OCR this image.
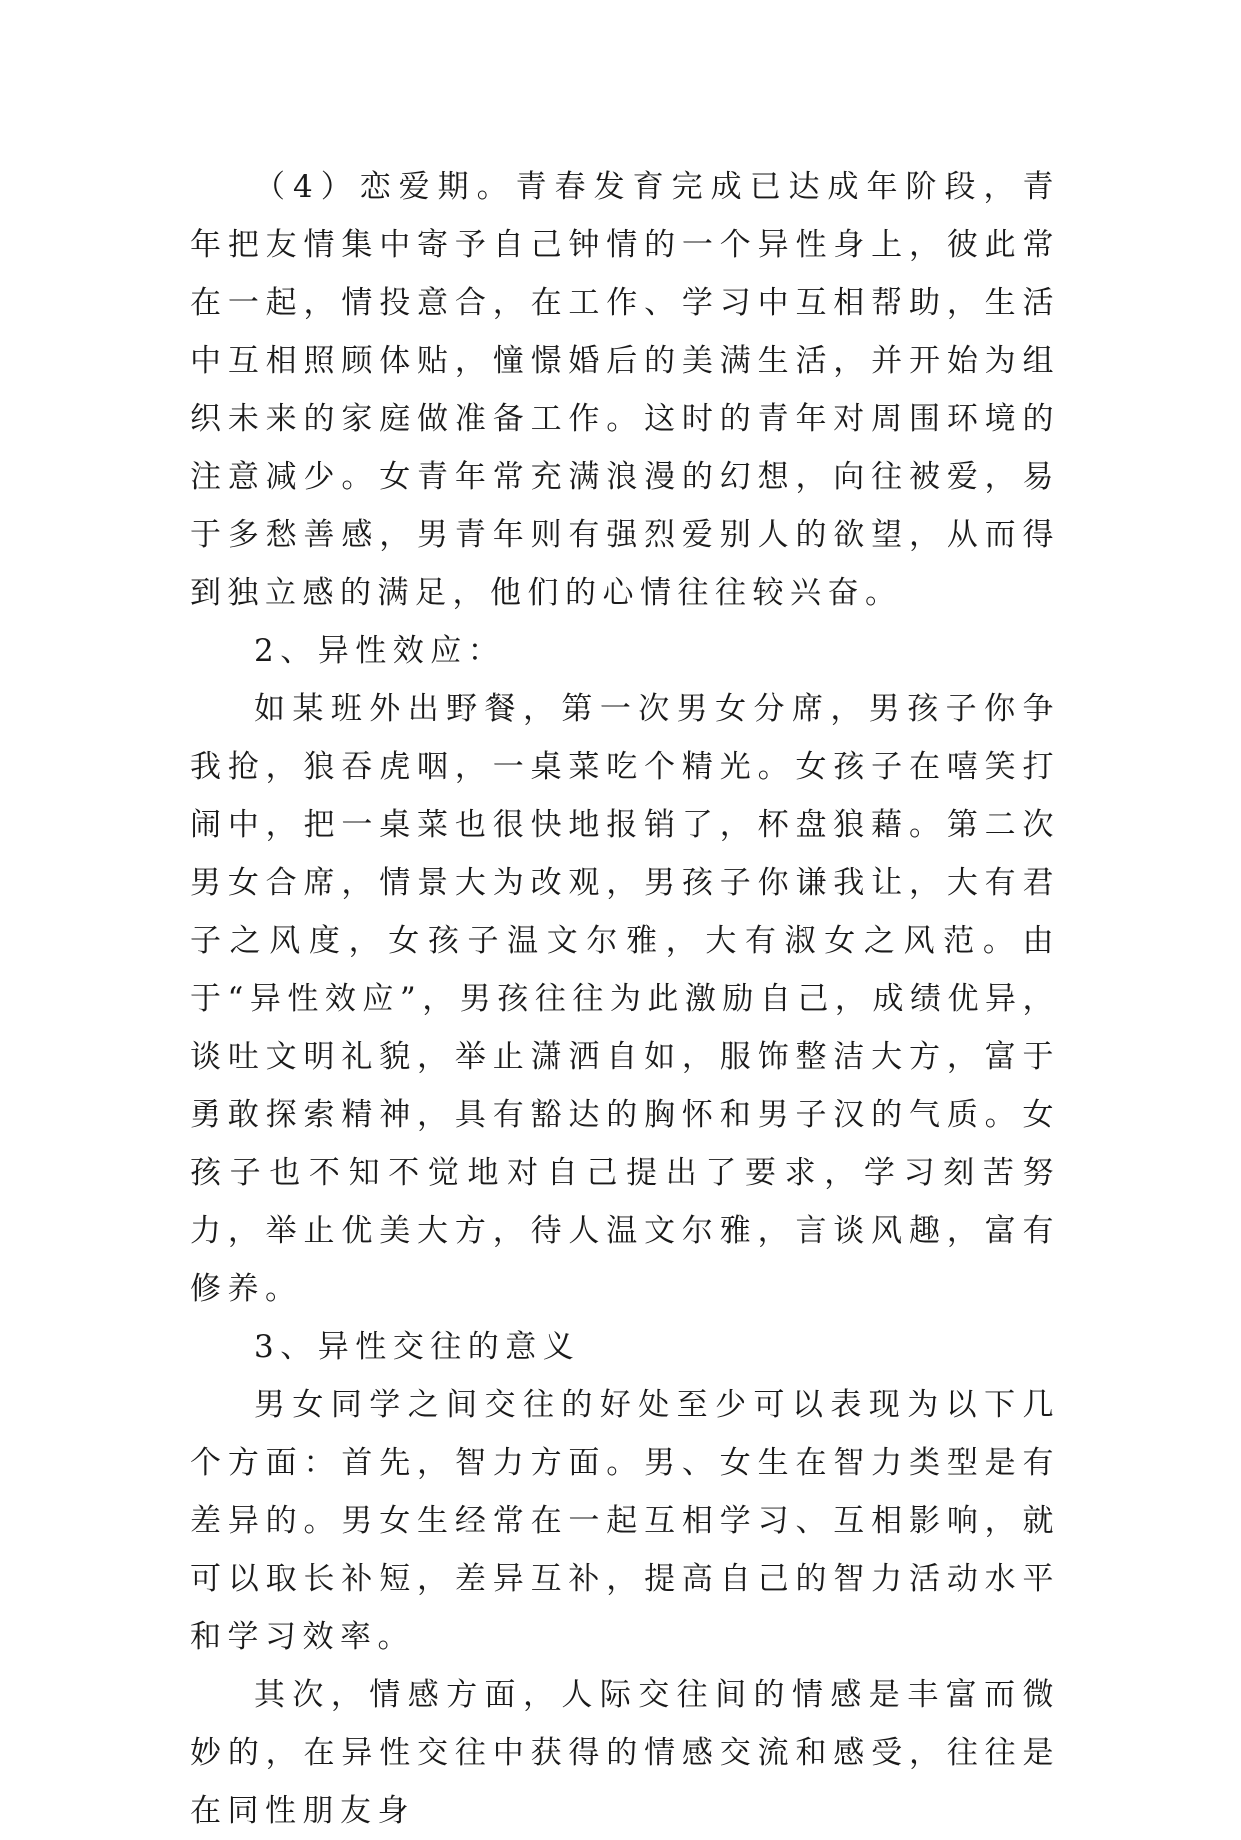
（4）恋爱期。青春发育完成已达成年阶段，青年把友情集中寄予自己钟情的一个异性身上，彼此常在一起，情投意合，在工作、学习中互相帮助，生活中互相照顾体贴，憧憬婚后的美满生活，并开始为组织未来的家庭做准备工作。这时的青年对周围环境的注意减少。女青年常充满浪漫的幻想，向往被爱，易于多愁善感，男青年则有强烈爱别人的欲望，从而得到独立感的满足，他们的心情往往较兴奋。

2、异性效应：

如某班外出野餐，第一次男女分席，男孩子你争我抢，狼吞虎咽，一桌菜吃个精光。女孩子在嘻笑打闹中，把一桌菜也很快地报销了，杯盘狼藉。第二次男女合席，情景大为改观，男孩子你谦我让，大有君子之风度，女孩子温文尔雅，大有淑女之风范。由于“异性效应”，男孩往往为此激励自己，成绩优异，谈吐文明礼貌，举止潇洒自如，服饰整洁大方，富于勇敢探索精神，具有豁达的胸怀和男子汉的气质。女孩子也不知不觉地对自己提出了要求，学习刻苦努力，举止优美大方，待人温文尔雅，言谈风趣，富有修养。

3、异性交往的意义

男女同学之间交往的好处至少可以表现为以下几个方面：首先，智力方面。男、女生在智力类型是有差异的。男女生经常在一起互相学习、互相影响，就可以取长补短，差异互补，提高自己的智力活动水平和学习效率。

其次，情感方面，人际交往间的情感是丰富而微妙的，在异性交往中获得的情感交流和感受，往往是在同性朋友身
